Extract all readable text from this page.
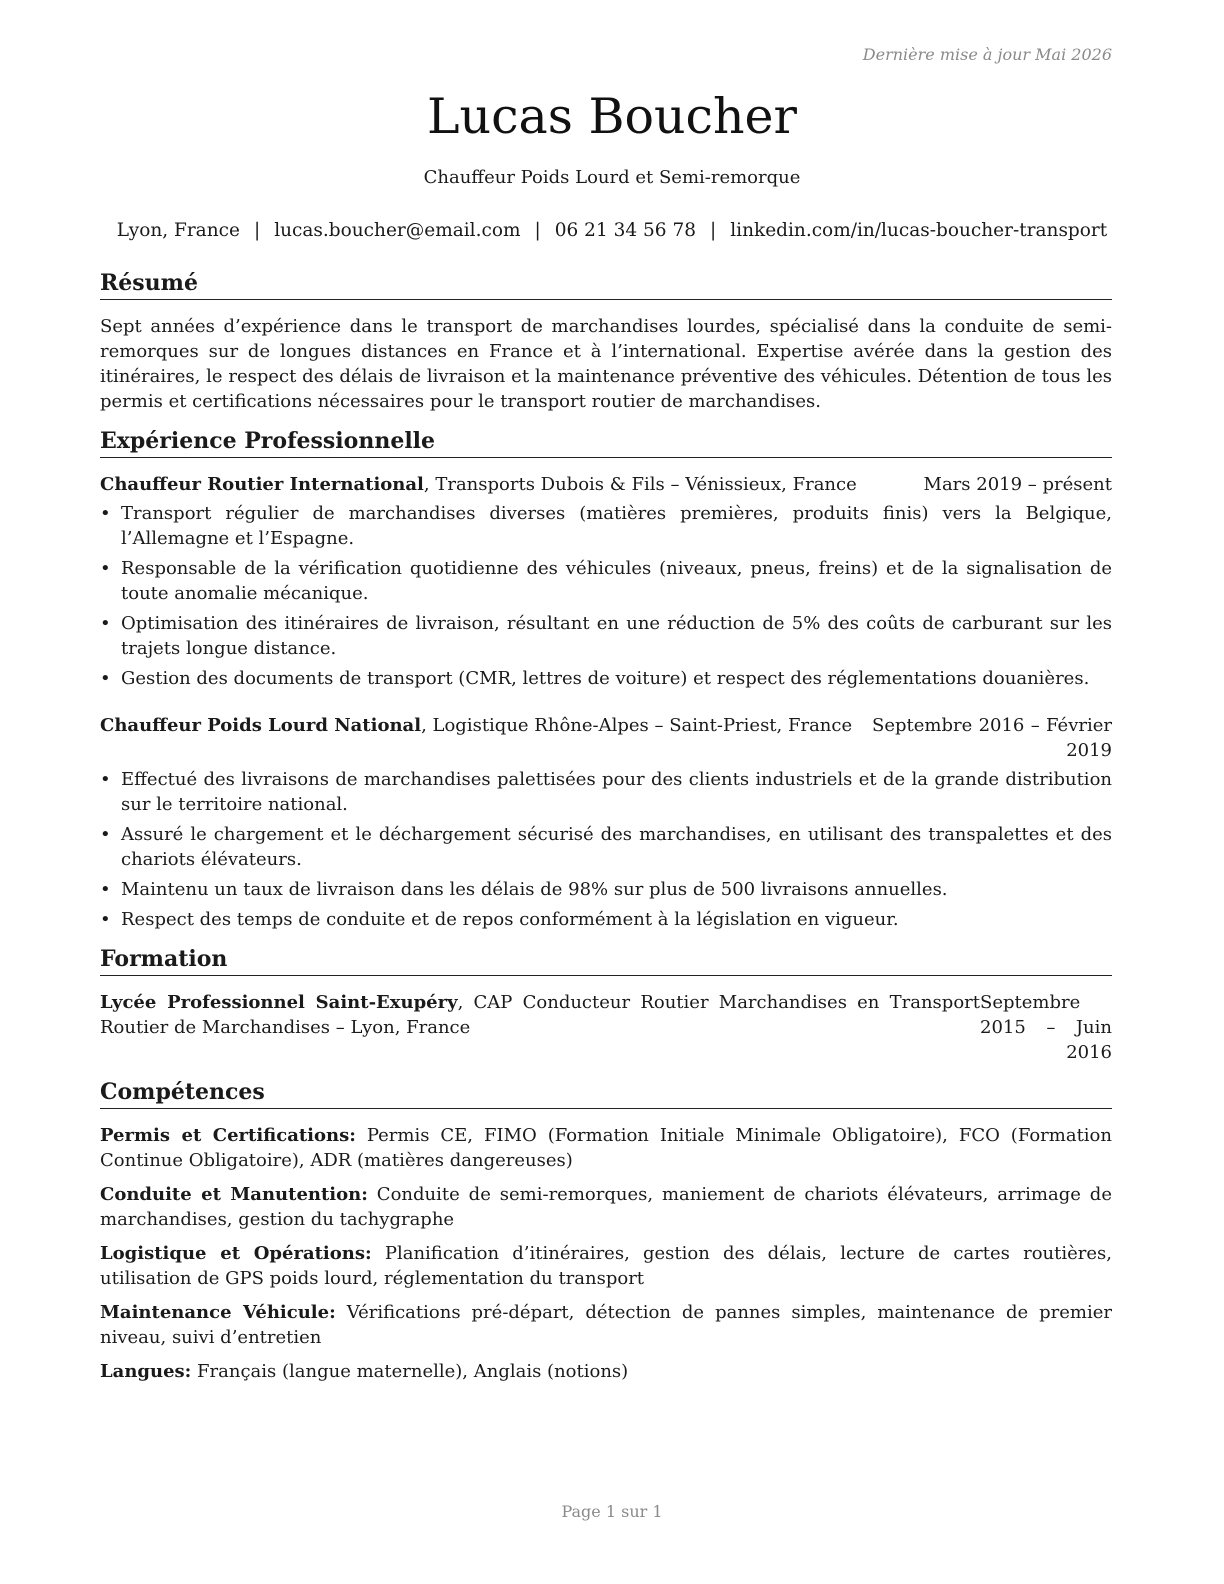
Dernière mise à jour Mai 2026
Lucas Boucher
Chauffeur Poids Lourd et Semi-remorque
Lyon, France | lucas.boucher@email.com | 06 21 34 56 78 | linkedin.com/in/lucas-boucher-transport
Résumé

Sept années d’expérience dans le transport de marchandises lourdes, spécialisé dans la conduite de semi-remorques sur de longues distances en France et à l’international. Expertise avérée dans la gestion des itinéraires, le respect des délais de livraison et la maintenance préventive des véhicules. Détention de tous les permis et certifications nécessaires pour le transport routier de marchandises.

Expérience Professionnelle
Chauffeur Routier International, Transports Dubois & Fils – Vénissieux, France	Mars 2019 – présent
• Transport régulier de marchandises diverses (matières premières, produits finis) vers la Belgique, l’Allemagne et l’Espagne.
• Responsable de la vérification quotidienne des véhicules (niveaux, pneus, freins) et de la signalisation de toute anomalie mécanique.
• Optimisation des itinéraires de livraison, résultant en une réduction de 5% des coûts de carburant sur les trajets longue distance.
• Gestion des documents de transport (CMR, lettres de voiture) et respect des réglementations douanières.
Chauffeur Poids Lourd National, Logistique Rhône-Alpes – Saint-Priest, France Septembre 2016 – Février 2019
• Effectué des livraisons de marchandises palettisées pour des clients industriels et de la grande distribution sur le territoire national.
• Assuré le chargement et le déchargement sécurisé des marchandises, en utilisant des transpalettes et des chariots élévateurs.
• Maintenu un taux de livraison dans les délais de 98% sur plus de 500 livraisons annuelles.
• Respect des temps de conduite et de repos conformément à la législation en vigueur.
Formation
Lycée Professionnel Saint-Exupéry, CAP Conducteur Routier Marchandises en Transport Routier de Marchandises – Lyon, France
Septembre 2015 – Juin 2016
Compétences
Permis et Certifications: Permis CE, FIMO (Formation Initiale Minimale Obligatoire), FCO (Formation Continue Obligatoire), ADR (matières dangereuses)
Conduite et Manutention: Conduite de semi-remorques, maniement de chariots élévateurs, arrimage de marchandises, gestion du tachygraphe
Logistique et Opérations: Planification d’itinéraires, gestion des délais, lecture de cartes routières, utilisation de GPS poids lourd, réglementation du transport
Maintenance Véhicule: Vérifications pré-départ, détection de pannes simples, maintenance de premier niveau, suivi d’entretien
Langues: Français (langue maternelle), Anglais (notions)
Page 1 sur 1
